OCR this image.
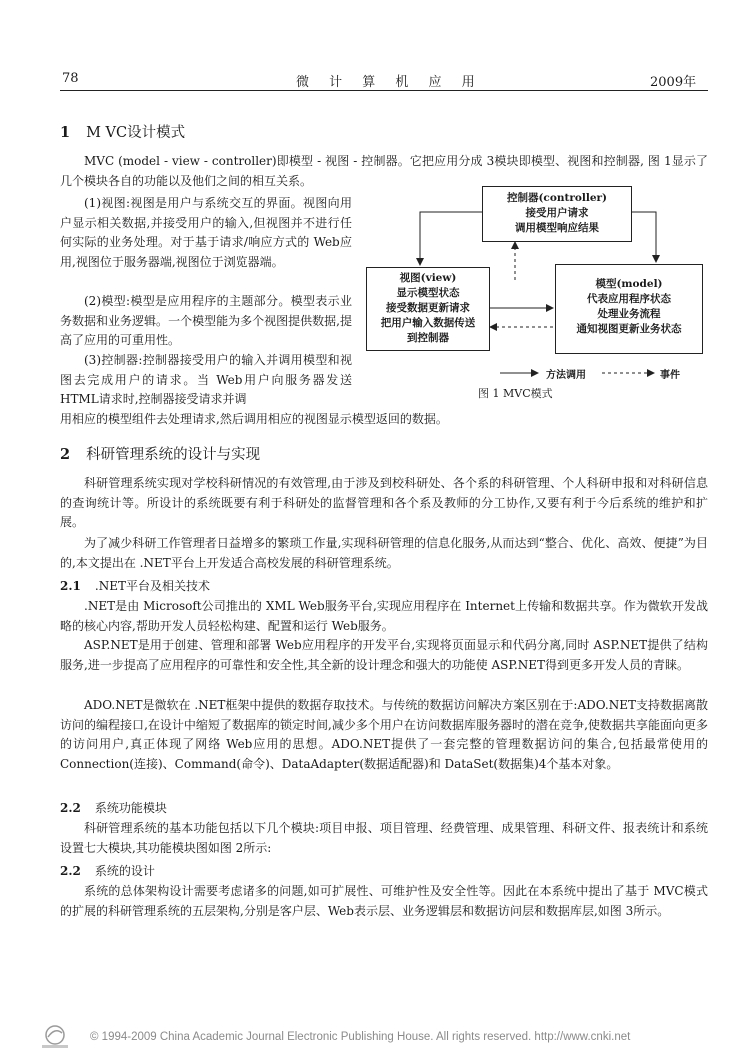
78	微 计 算 机 应 用	2009年
1 M VC设计模式
MVC (model - view - controller)即模型 - 视图 - 控制器。它把应用分成 3模块即模型、视图和控制器, 图 1显示了几个模块各自的功能以及他们之间的相互关系。
(1)视图:视图是用户与系统交互的界面。视图向用户显示相关数据,并接受用户的输入,但视图并不进行任何实际的业务处理。对于基于请求/响应方式的 Web应用,视图位于服务器端,视图位于浏览器端。
(2)模型:模型是应用程序的主题部分。模型表示业务数据和业务逻辑。一个模型能为多个视图提供数据,提高了应用的可重用性。
(3)控制器:控制器接受用户的输入并调用模型和视图去完成用户的请求。当 Web用户向服务器发送 HTML请求时,控制器接受请求并调
用相应的模型组件去处理请求,然后调用相应的视图显示模型返回的数据。
控制器(controller)
接受用户请求
调用模型响应结果
视图(view)
显示模型状态
接受数据更新请求
把用户输入数据传送
到控制器
模型(model)
代表应用程序状态
处理业务流程
通知视图更新业务状态
方法调用	事件
图 1 MVC模式
2 科研管理系统的设计与实现
科研管理系统实现对学校科研情况的有效管理,由于涉及到校科研处、各个系的科研管理、个人科研申报和对科研信息的查询统计等。所设计的系统既要有利于科研处的监督管理和各个系及教师的分工协作,又要有利于今后系统的维护和扩展。
为了减少科研工作管理者日益增多的繁琐工作量,实现科研管理的信息化服务,从而达到“整合、优化、高效、便捷”为目的,本文提出在 .NET平台上开发适合高校发展的科研管理系统。
2.1 .NET平台及相关技术
.NET是由 Microsoft公司推出的 XML Web服务平台,实现应用程序在 Internet上传输和数据共享。作为微软开发战略的核心内容,帮助开发人员轻松构建、配置和运行 Web服务。
ASP.NET是用于创建、管理和部署 Web应用程序的开发平台,实现将页面显示和代码分离,同时 ASP.NET提供了结构服务,进一步提高了应用程序的可靠性和安全性,其全新的设计理念和强大的功能使 ASP.NET得到更多开发人员的青睐。
ADO.NET是微软在 .NET框架中提供的数据存取技术。与传统的数据访问解决方案区别在于:ADO.NET支持数据离散访问的编程接口,在设计中缩短了数据库的锁定时间,减少多个用户在访问数据库服务器时的潜在竞争,使数据共享能面向更多的访问用户,真正体现了网络 Web应用的思想。ADO.NET提供了一套完整的管理数据访问的集合,包括最常使用的 Connection(连接)、Command(命令)、DataAdapter(数据适配器)和 DataSet(数据集)4个基本对象。
2.2 系统功能模块
科研管理系统的基本功能包括以下几个模块:项目申报、项目管理、经费管理、成果管理、科研文件、报表统计和系统设置七大模块,其功能模块图如图 2所示:
2.2 系统的设计
系统的总体架构设计需要考虑诸多的问题,如可扩展性、可维护性及安全性等。因此在本系统中提出了基于 MVC模式的扩展的科研管理系统的五层架构,分别是客户层、Web表示层、业务逻辑层和数据访问层和数据库层,如图 3所示。
© 1994-2009 China Academic Journal Electronic Publishing House. All rights reserved. http://www.cnki.net
